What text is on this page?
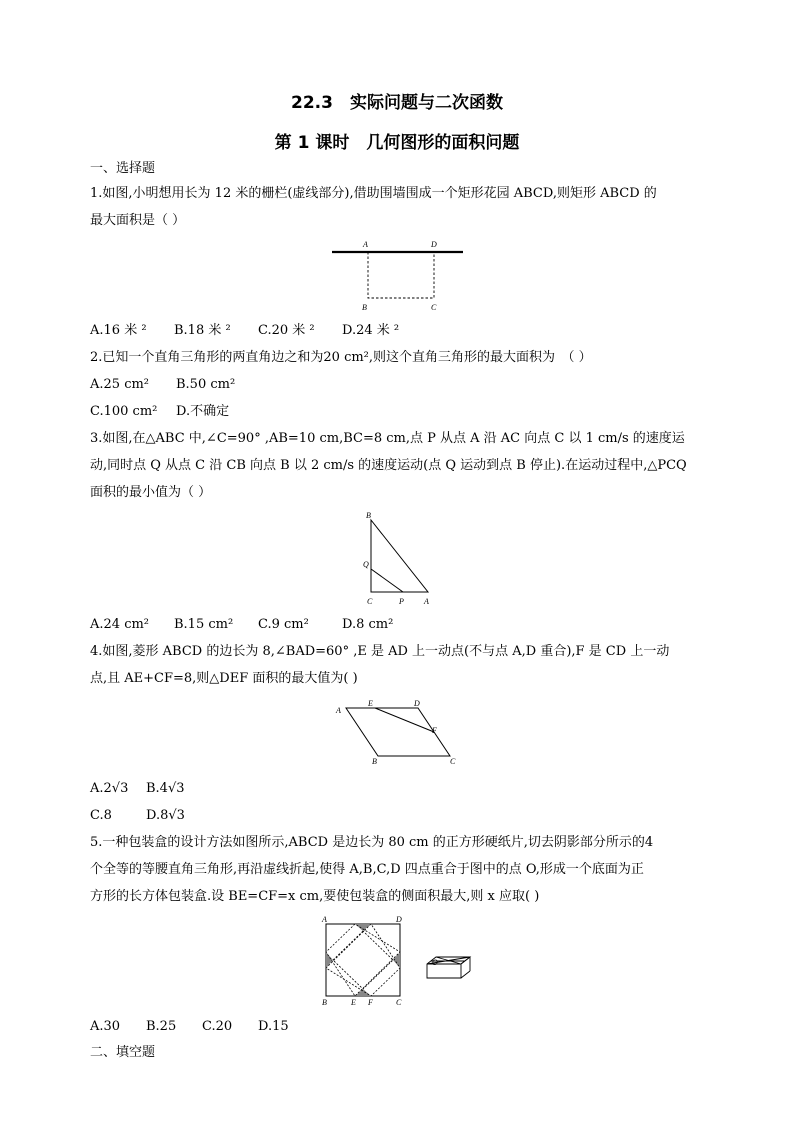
22.3　实际问题与二次函数
第 1 课时　几何图形的面积问题
一、选择题
1.如图,小明想用长为 12 米的栅栏(虚线部分),借助围墙围成一个矩形花园 ABCD,则矩形 ABCD 的
最大面积是（ ）
A	D
B	C
A.16 米 ² B.18 米 ² C.20 米 ² D.24 米 ²
2.已知一个直角三角形的两直角边之和为20 cm²,则这个直角三角形的最大面积为　（ ）
A.25 cm² B.50 cm²
C.100 cm² D.不确定
3.如图,在△ABC 中,∠C=90° ,AB=10 cm,BC=8 cm,点 P 从点 A 沿 AC 向点 C 以 1 cm/s 的速度运
动,同时点 Q 从点 C 沿 CB 向点 B 以 2 cm/s 的速度运动(点 Q 运动到点 B 停止).在运动过程中,△PCQ
面积的最小值为（ ）
B
Q
C	P	A
A.24 cm² B.15 cm² C.9 cm²	D.8 cm²
4.如图,菱形 ABCD 的边长为 8,∠BAD=60° ,E 是 AD 上一动点(不与点 A,D 重合),F 是 CD 上一动
点,且 AE+CF=8,则△DEF 面积的最大值为( )
A
E	D
F
B	C
A.2√3 B.4√3
C.8	D.8√3
5.一种包装盒的设计方法如图所示,ABCD 是边长为 80 cm 的正方形硬纸片,切去阴影部分所示的4
个全等的等腰直角三角形,再沿虚线折起,使得 A,B,C,D 四点重合于图中的点 O,形成一个底面为正
方形的长方体包装盒.设 BE=CF=x cm,要使包装盒的侧面积最大,则 x 应取( )
A	D
B	E F	C
O
A.30 B.25 C.20 D.15
二、填空题
